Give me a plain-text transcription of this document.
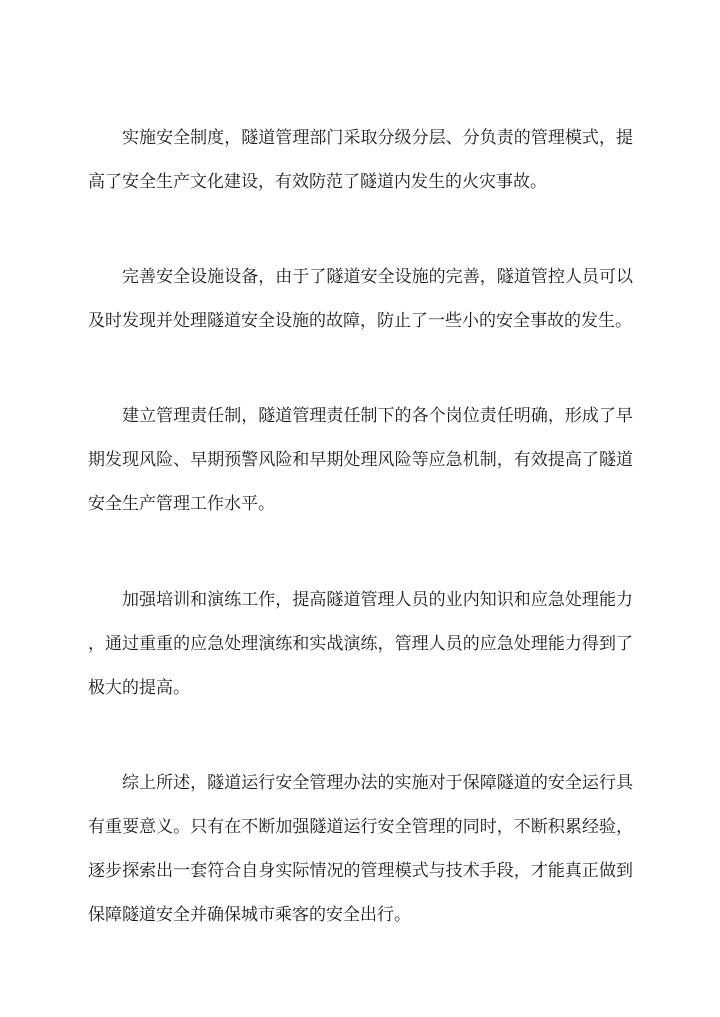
实施安全制度，隧道管理部门采取分级分层、分负责的管理模式，提
高了安全生产文化建设，有效防范了隧道内发生的火灾事故。

完善安全设施设备，由于了隧道安全设施的完善，隧道管控人员可以
及时发现并处理隧道安全设施的故障，防止了一些小的安全事故的发生。

建立管理责任制，隧道管理责任制下的各个岗位责任明确，形成了早
期发现风险、早期预警风险和早期处理风险等应急机制，有效提高了隧道
安全生产管理工作水平。

加强培训和演练工作，提高隧道管理人员的业内知识和应急处理能力
，通过重重的应急处理演练和实战演练，管理人员的应急处理能力得到了
极大的提高。

综上所述，隧道运行安全管理办法的实施对于保障隧道的安全运行具
有重要意义。只有在不断加强隧道运行安全管理的同时，不断积累经验，
逐步探索出一套符合自身实际情况的管理模式与技术手段，才能真正做到
保障隧道安全并确保城市乘客的安全出行。
